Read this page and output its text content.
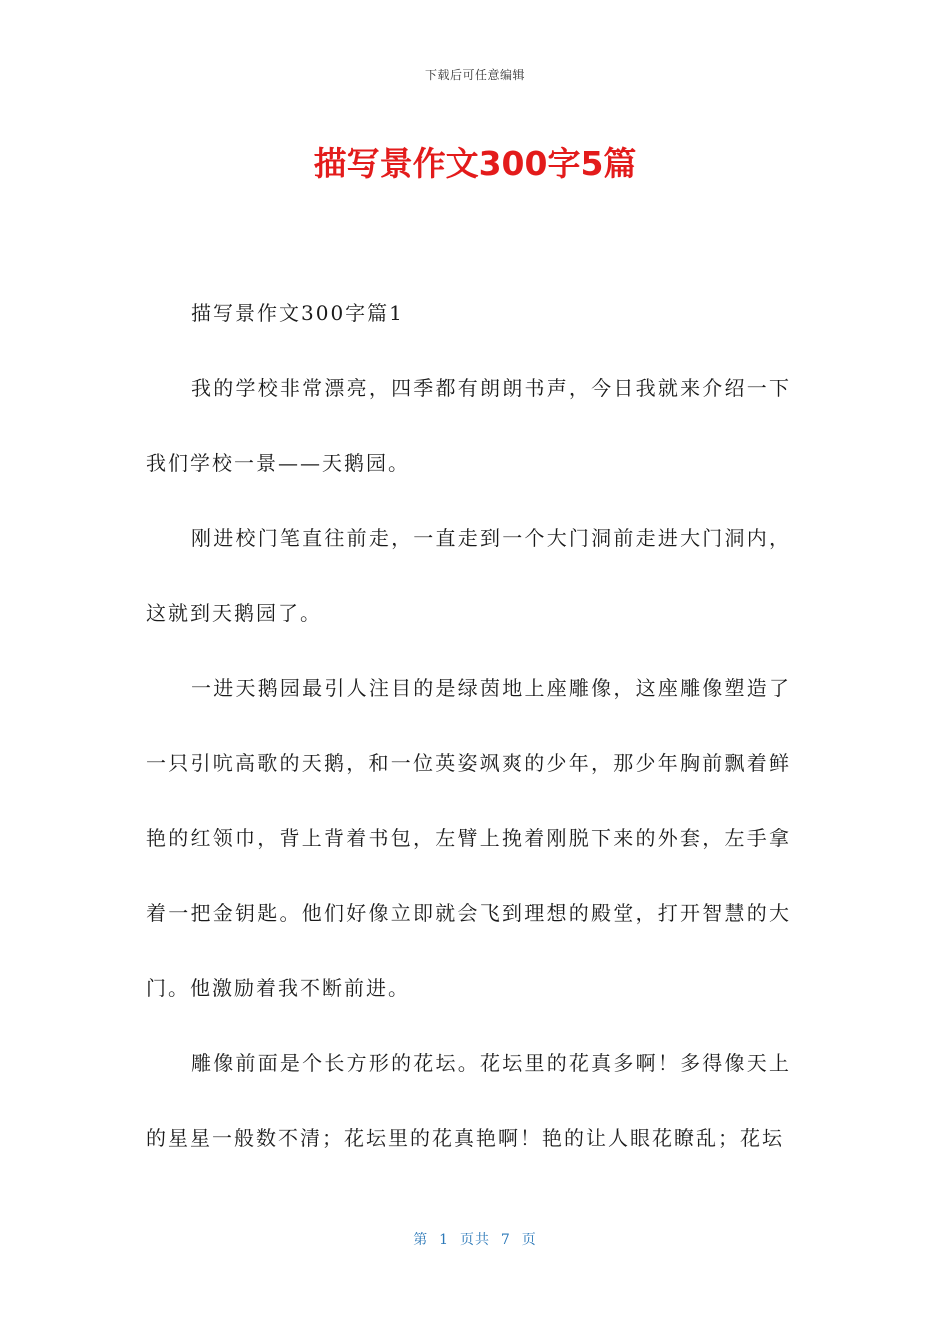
下载后可任意编辑
描写景作文300字5篇

描写景作文300字篇1

我的学校非常漂亮，四季都有朗朗书声，今日我就来介绍一下我们学校一景——天鹅园。

刚进校门笔直往前走，一直走到一个大门洞前走进大门洞内，这就到天鹅园了。

一进天鹅园最引人注目的是绿茵地上座雕像，这座雕像塑造了一只引吭高歌的天鹅，和一位英姿飒爽的少年，那少年胸前飘着鲜艳的红领巾，背上背着书包，左臂上挽着刚脱下来的外套，左手拿着一把金钥匙。他们好像立即就会飞到理想的殿堂，打开智慧的大门。他激励着我不断前进。

雕像前面是个长方形的花坛。花坛里的花真多啊！多得像天上的星星一般数不清；花坛里的花真艳啊！艳的让人眼花瞭乱；花坛

第  1  页共  7  页
